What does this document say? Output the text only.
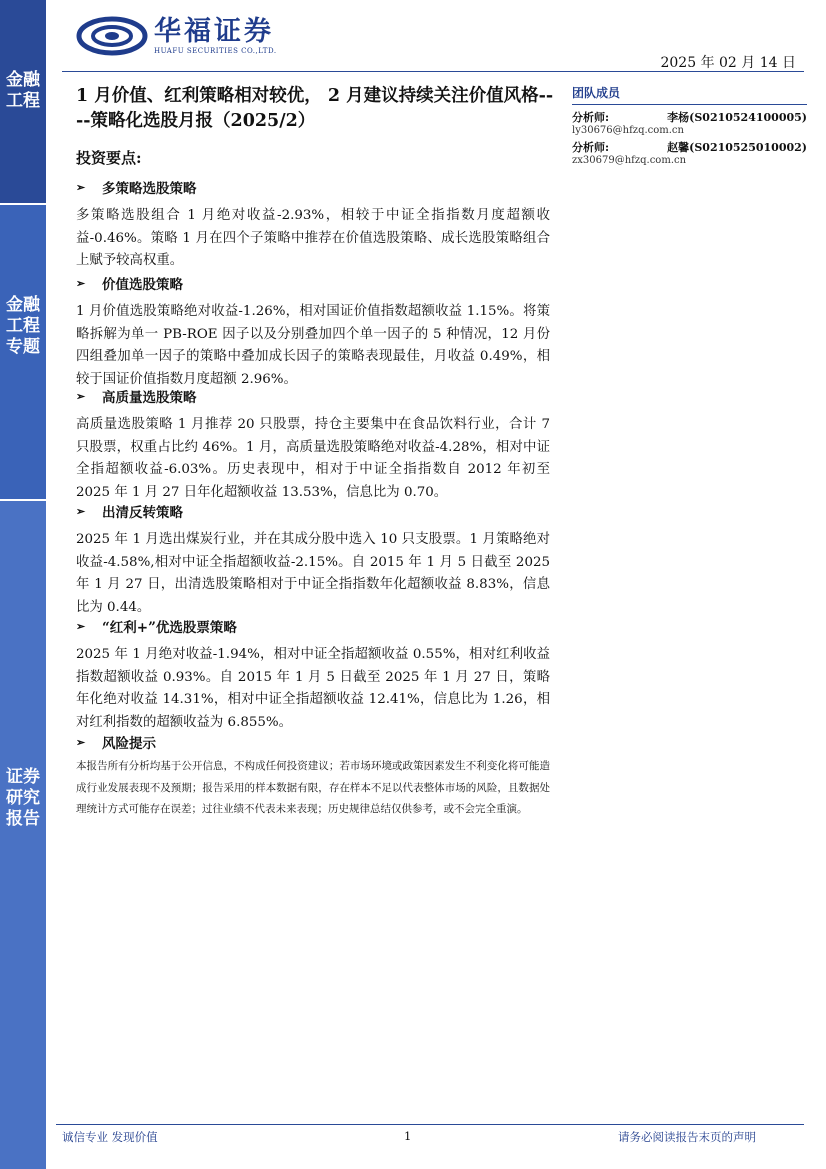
金融工程
金融工程专题
证券研究报告
华福证券
HUAFU SECURITIES CO.,LTD.
2025 年 02 月 14 日
1 月价值、红利策略相对较优， 2 月建议持续关注价值风格----策略化选股月报（2025/2）
投资要点:
➢	多策略选股策略
多策略选股组合 1 月绝对收益-2.93%，相较于中证全指指数月度超额收益-0.46%。策略 1 月在四个子策略中推荐在价值选股策略、成长选股策略组合上赋予较高权重。
➢	价值选股策略
1 月价值选股策略绝对收益-1.26%，相对国证价值指数超额收益 1.15%。将策略拆解为单一 PB-ROE 因子以及分别叠加四个单一因子的 5 种情况，12 月份四组叠加单一因子的策略中叠加成长因子的策略表现最佳，月收益 0.49%，相较于国证价值指数月度超额 2.96%。
➢	高质量选股策略
高质量选股策略 1 月推荐 20 只股票，持仓主要集中在食品饮料行业，合计 7 只股票，权重占比约 46%。1 月，高质量选股策略绝对收益-4.28%，相对中证全指超额收益-6.03%。历史表现中，相对于中证全指指数自 2012 年初至 2025 年 1 月 27 日年化超额收益 13.53%，信息比为 0.70。
➢	出清反转策略
2025 年 1 月选出煤炭行业，并在其成分股中选入 10 只支股票。1 月策略绝对收益-4.58%,相对中证全指超额收益-2.15%。自 2015 年 1 月 5 日截至 2025 年 1 月 27 日，出清选股策略相对于中证全指指数年化超额收益 8.83%，信息比为 0.44。
➢	“红利+”优选股票策略
2025 年 1 月绝对收益-1.94%，相对中证全指超额收益 0.55%，相对红利收益指数超额收益 0.93%。自 2015 年 1 月 5 日截至 2025 年 1 月 27 日，策略年化绝对收益 14.31%，相对中证全指超额收益 12.41%，信息比为 1.26，相对红利指数的超额收益为 6.855%。
➢	风险提示
本报告所有分析均基于公开信息，不构成任何投资建议；若市场环境或政策因素发生不利变化将可能造成行业发展表现不及预期；报告采用的样本数据有限，存在样本不足以代表整体市场的风险，且数据处理统计方式可能存在误差；过往业绩不代表未来表现；历史规律总结仅供参考，或不会完全重演。
团队成员
分析师:	李杨(S0210524100005)
ly30676@hfzq.com.cn
分析师:	赵馨(S0210525010002)
zx30679@hfzq.com.cn
诚信专业 发现价值	1	请务必阅读报告末页的声明
